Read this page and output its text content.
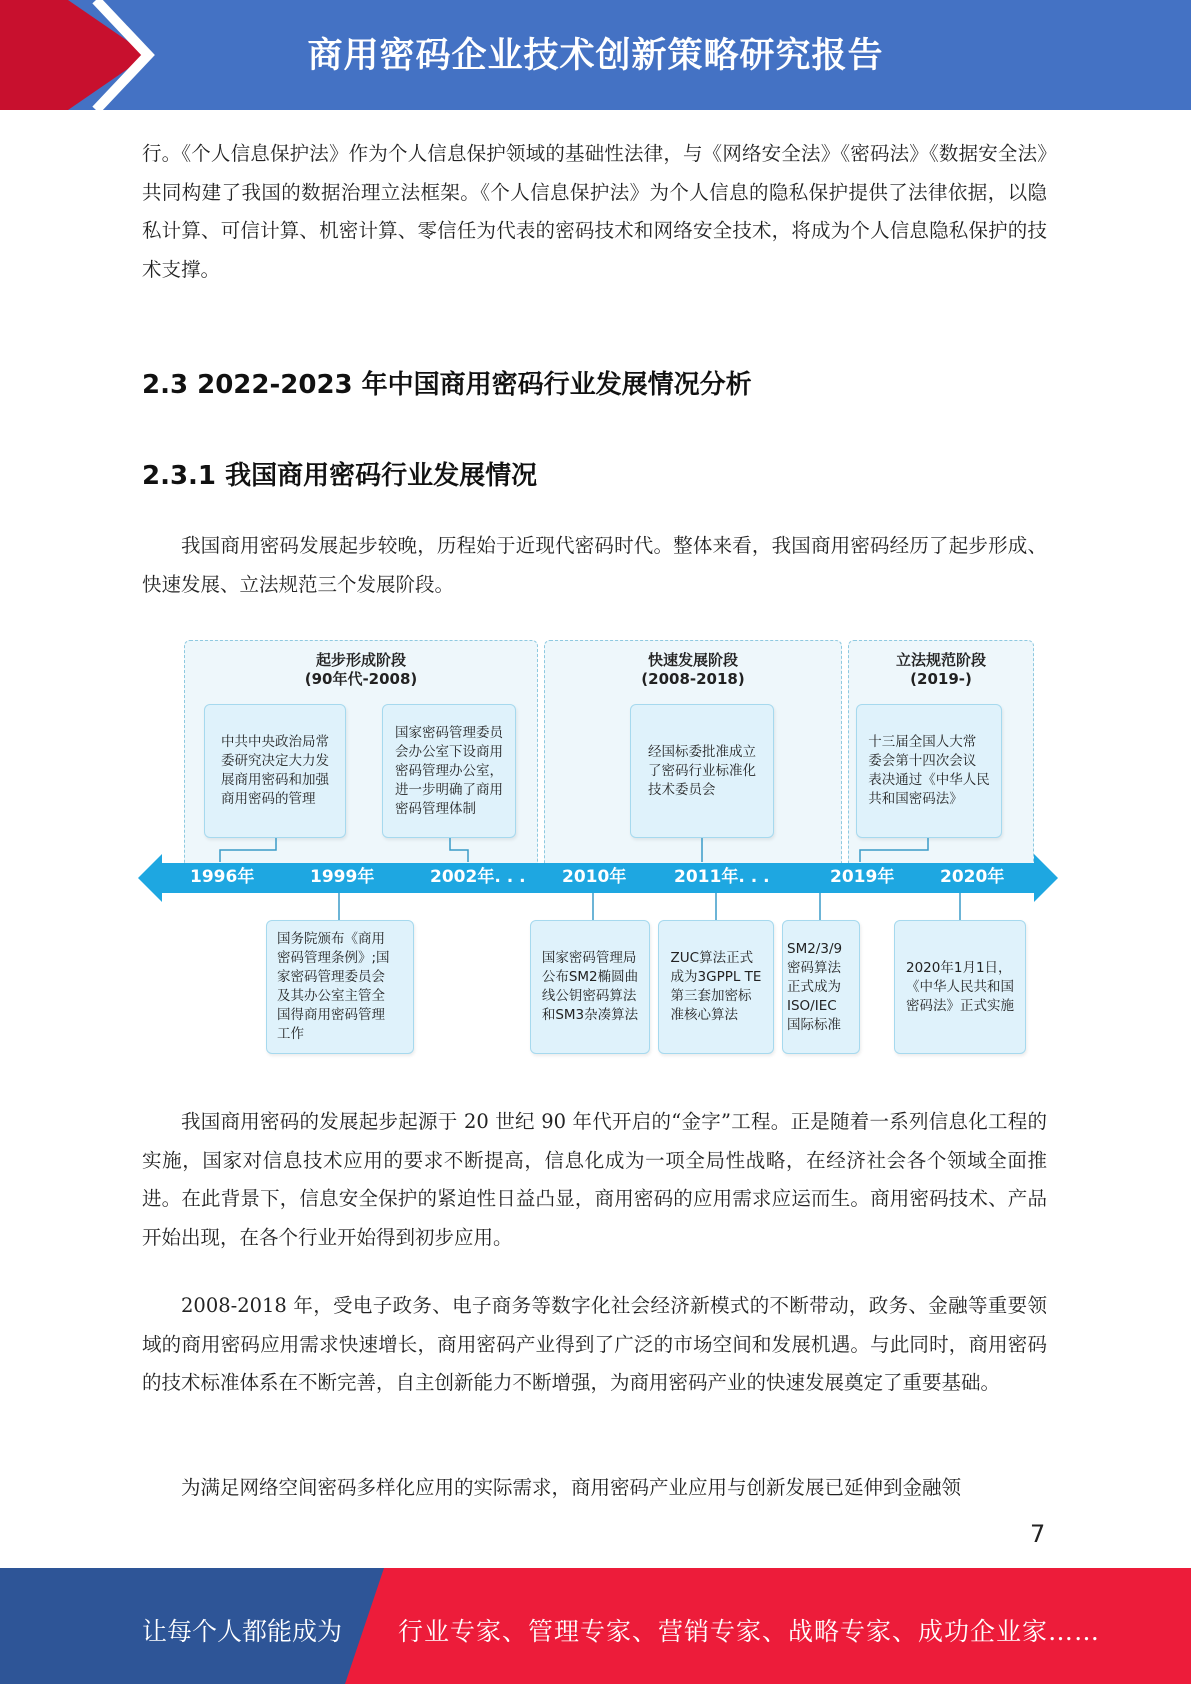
商用密码企业技术创新策略研究报告

行。《个人信息保护法》作为个人信息保护领域的基础性法律，与《网络安全法》《密码法》《数据安全法》共同构建了我国的数据治理立法框架。《个人信息保护法》为个人信息的隐私保护提供了法律依据，以隐私计算、可信计算、机密计算、零信任为代表的密码技术和网络安全技术，将成为个人信息隐私保护的技术支撑。

2.3 2022-2023 年中国商用密码行业发展情况分析
2.3.1 我国商用密码行业发展情况

我国商用密码发展起步较晚，历程始于近现代密码时代。整体来看，我国商用密码经历了起步形成、快速发展、立法规范三个发展阶段。

起步形成阶段
(90年代-2008)
快速发展阶段
(2008-2018)
立法规范阶段
(2019-)
中共中央政治局常
委研究决定大力发
展商用密码和加强
商用密码的管理
国家密码管理委员
会办公室下设商用
密码管理办公室，
进一步明确了商用
密码管理体制
经国标委批准成立
了密码行业标准化
技术委员会
十三届全国人大常
委会第十四次会议
表决通过《中华人民
共和国密码法》
1996年	1999年	2002年. . . 2010年	2011年. . .	2019年	2020年
国务院颁布《商用
密码管理条例》;国
家密码管理委员会
及其办公室主管全
国得商用密码管理
工作
国家密码管理局
公布SM2椭圆曲
线公钥密码算法
和SM3杂凑算法
ZUC算法正式
成为3GPPL TE
第三套加密标
准核心算法
SM2/3/9
密码算法
正式成为
ISO/IEC
国际标准
2020年1月1日，
《中华人民共和国
密码法》正式实施

我国商用密码的发展起步起源于 20 世纪 90 年代开启的“金字”工程。正是随着一系列信息化工程的实施，国家对信息技术应用的要求不断提高，信息化成为一项全局性战略，在经济社会各个领域全面推进。在此背景下，信息安全保护的紧迫性日益凸显，商用密码的应用需求应运而生。商用密码技术、产品开始出现，在各个行业开始得到初步应用。

2008-2018 年，受电子政务、电子商务等数字化社会经济新模式的不断带动，政务、金融等重要领域的商用密码应用需求快速增长，商用密码产业得到了广泛的市场空间和发展机遇。与此同时，商用密码的技术标准体系在不断完善，自主创新能力不断增强，为商用密码产业的快速发展奠定了重要基础。

为满足网络空间密码多样化应用的实际需求，商用密码产业应用与创新发展已延伸到金融领

7
让每个人都能成为 行业专家、管理专家、营销专家、战略专家、成功企业家……
